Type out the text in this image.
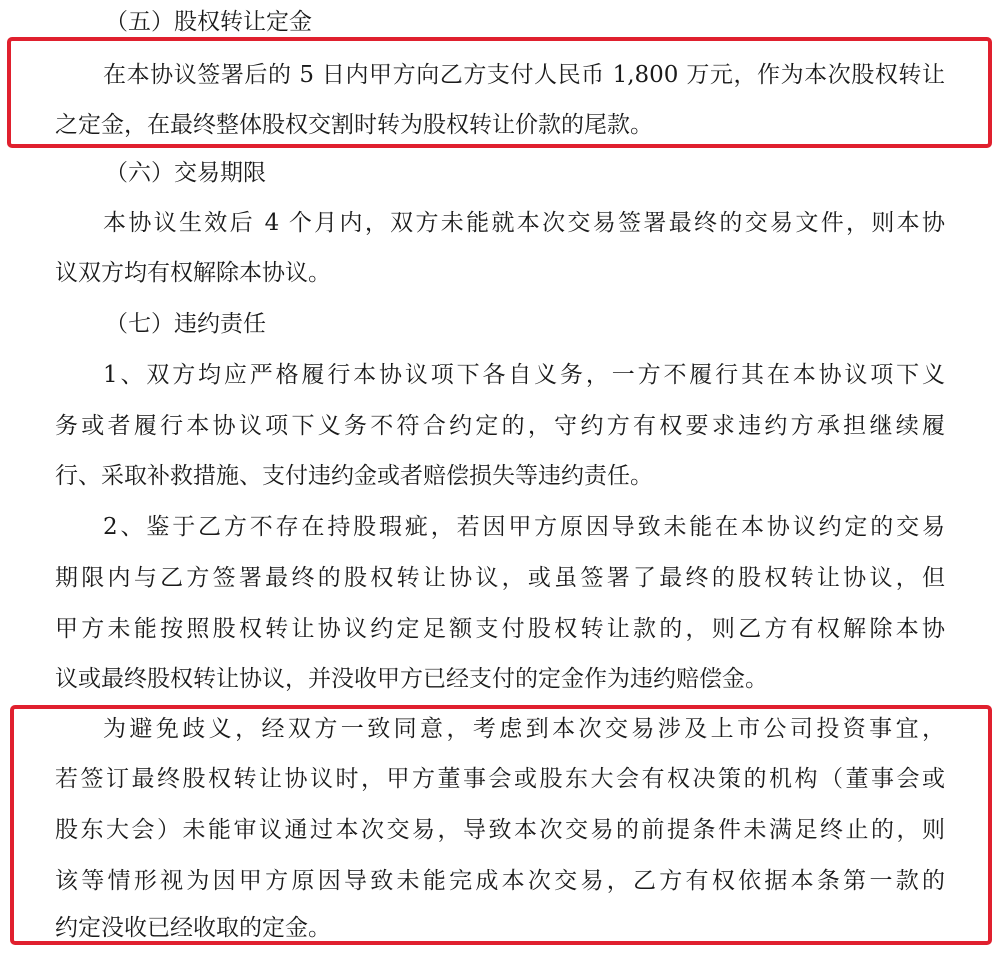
（五）股权转让定金
在本协议签署后的 5 日内甲方向乙方支付人民币 1,800 万元，作为本次股权转让
之定金，在最终整体股权交割时转为股权转让价款的尾款。
（六）交易期限
本协议生效后 4 个月内，双方未能就本次交易签署最终的交易文件，则本协
议双方均有权解除本协议。
（七）违约责任
1、双方均应严格履行本协议项下各自义务，一方不履行其在本协议项下义
务或者履行本协议项下义务不符合约定的，守约方有权要求违约方承担继续履
行、采取补救措施、支付违约金或者赔偿损失等违约责任。
2、鉴于乙方不存在持股瑕疵，若因甲方原因导致未能在本协议约定的交易
期限内与乙方签署最终的股权转让协议，或虽签署了最终的股权转让协议，但
甲方未能按照股权转让协议约定足额支付股权转让款的，则乙方有权解除本协
议或最终股权转让协议，并没收甲方已经支付的定金作为违约赔偿金。
为避免歧义，经双方一致同意，考虑到本次交易涉及上市公司投资事宜，
若签订最终股权转让协议时，甲方董事会或股东大会有权决策的机构（董事会或
股东大会）未能审议通过本次交易，导致本次交易的前提条件未满足终止的，则
该等情形视为因甲方原因导致未能完成本次交易，乙方有权依据本条第一款的
约定没收已经收取的定金。
